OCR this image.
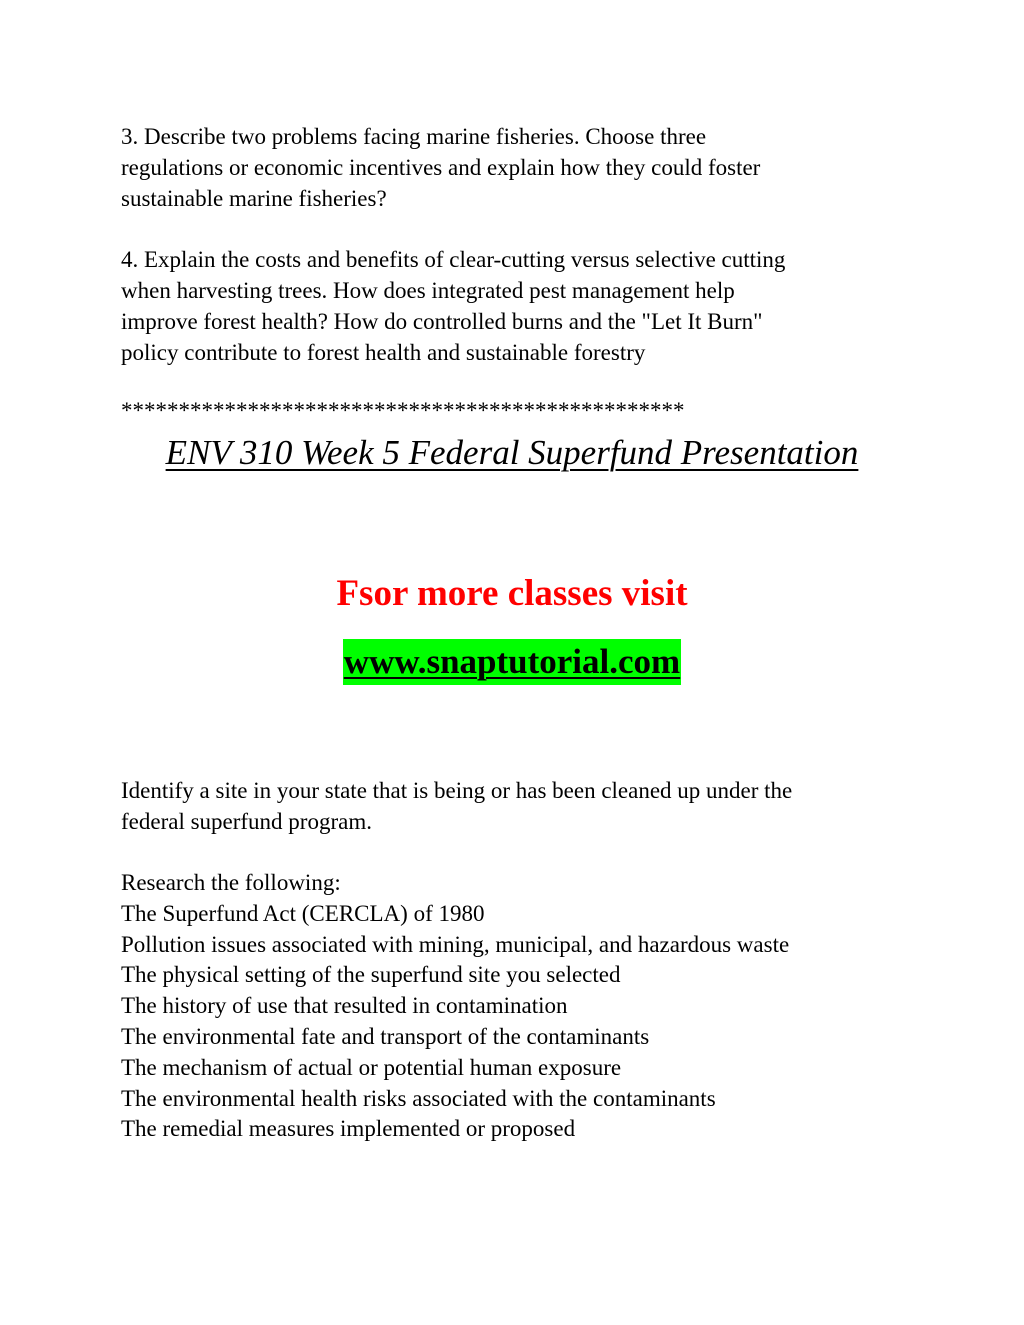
3. Describe two problems facing marine fisheries. Choose three
regulations or economic incentives and explain how they could foster
sustainable marine fisheries?
4. Explain the costs and benefits of clear-cutting versus selective cutting
when harvesting trees. How does integrated pest management help
improve forest health? How do controlled burns and the "Let It Burn"
policy contribute to forest health and sustainable forestry
*************************************************
ENV 310 Week 5 Federal Superfund Presentation
Fsor more classes visit
www.snaptutorial.com
Identify a site in your state that is being or has been cleaned up under the
federal superfund program.
Research the following:
The Superfund Act (CERCLA) of 1980
Pollution issues associated with mining, municipal, and hazardous waste
The physical setting of the superfund site you selected
The history of use that resulted in contamination
The environmental fate and transport of the contaminants
The mechanism of actual or potential human exposure
The environmental health risks associated with the contaminants
The remedial measures implemented or proposed
